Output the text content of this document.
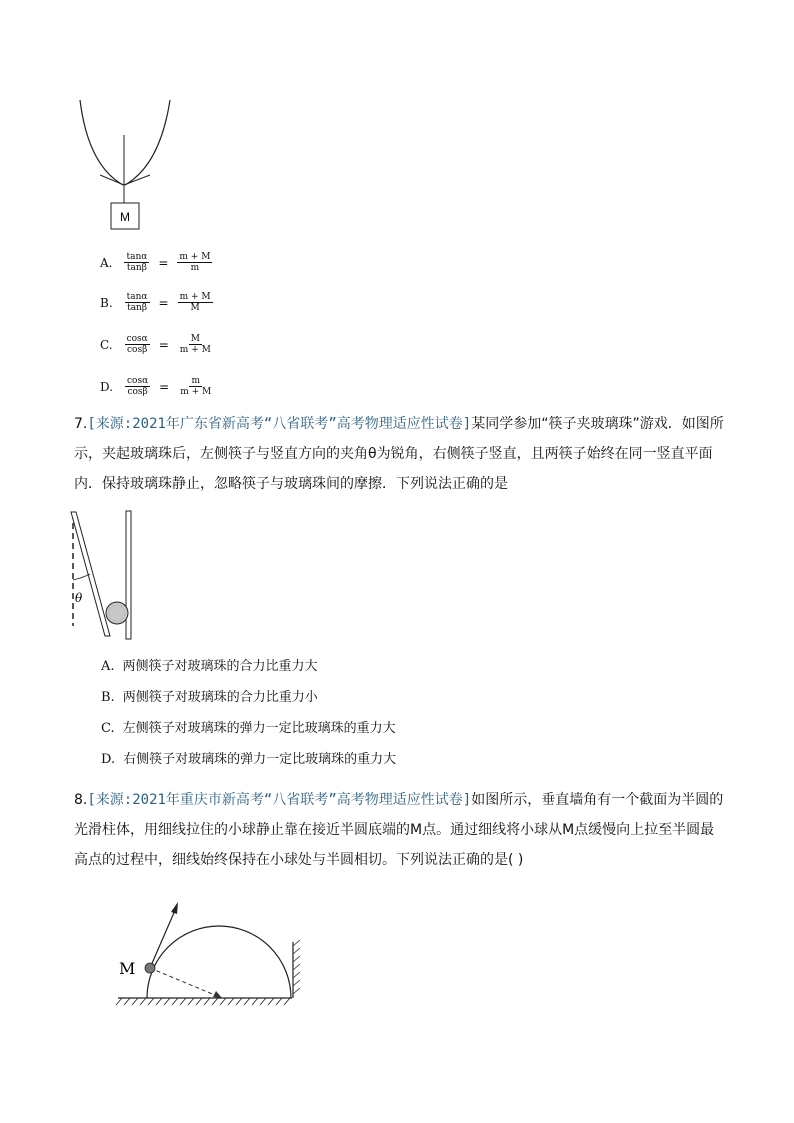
M
A. $\frac{\tan\alpha}{\tan\beta} = \frac{m + M}{m}$
B. $\frac{\tan\alpha}{\tan\beta} = \frac{m + M}{M}$
C. $\frac{\cos\alpha}{\cos\beta} = \frac{M}{m + M}$
D. $\frac{\cos\alpha}{\cos\beta} = \frac{m}{m + M}$
7.[来源:2021年广东省新高考“八省联考”高考物理适应性试卷]某同学参加“筷子夹玻璃珠”游戏．如图所示，夹起玻璃珠后，左侧筷子与竖直方向的夹角θ为锐角，右侧筷子竖直，且两筷子始终在同一竖直平面内．保持玻璃珠静止，忽略筷子与玻璃珠间的摩擦．下列说法正确的是
θ
A. 两侧筷子对玻璃珠的合力比重力大
B. 两侧筷子对玻璃珠的合力比重力小
C. 左侧筷子对玻璃珠的弹力一定比玻璃珠的重力大
D. 右侧筷子对玻璃珠的弹力一定比玻璃珠的重力大
8.[来源:2021年重庆市新高考“八省联考”高考物理适应性试卷]如图所示，垂直墙角有一个截面为半圆的光滑柱体，用细线拉住的小球静止靠在接近半圆底端的M点。通过细线将小球从M点缓慢向上拉至半圆最高点的过程中，细线始终保持在小球处与半圆相切。下列说法正确的是( )
M
